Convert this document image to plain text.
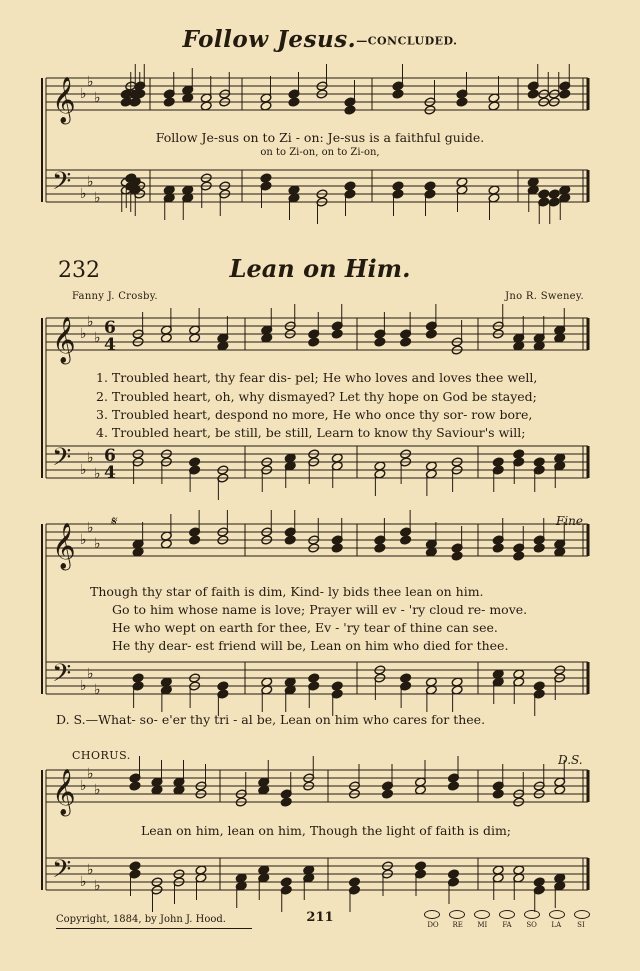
𝄞 ♭
♭
♭
𝄢 ♭
♭
♭
𝄞 ♭
♭
♭
𝄢 ♭
♭
♭
6
4
6
4
𝄞 ♭
♭
♭
𝄢 ♭
♭
♭
𝄞 ♭
♭
♭
𝄢 ♭
♭
♭
Follow Jesus.—CONCLUDED.
Follow Je-sus on to Zi - on: Je-sus is a faithful guide.
on to Zi-on, on to Zi-on,
232	Lean on Him.
Fanny J. Crosby.	Jno R. Sweney.
1. Troubled heart, thy fear dis- pel; He who loves and loves thee well,
2. Troubled heart, oh, why dismayed? Let thy hope on God be stayed;
3. Troubled heart, despond no more, He who once thy sor- row bore,
4. Troubled heart, be still, be still, Learn to know thy Saviour's will;
𝄋	Fine.
Though thy star of faith is dim, Kind- ly bids thee lean on him.
Go to him whose name is love; Prayer will ev - 'ry cloud re- move.
He who wept on earth for thee, Ev - 'ry tear of thine can see.
He thy dear- est friend will be, Lean on him who died for thee.
D. S.—What- so- e'er thy tri - al be, Lean on him who cares for thee.
CHORUS.	D.S.
Lean on him, lean on him, Though the light of faith is dim;
Copyright, 1884, by John J. Hood.	211	DO	RE	MI	FA	SO	LA	SI
